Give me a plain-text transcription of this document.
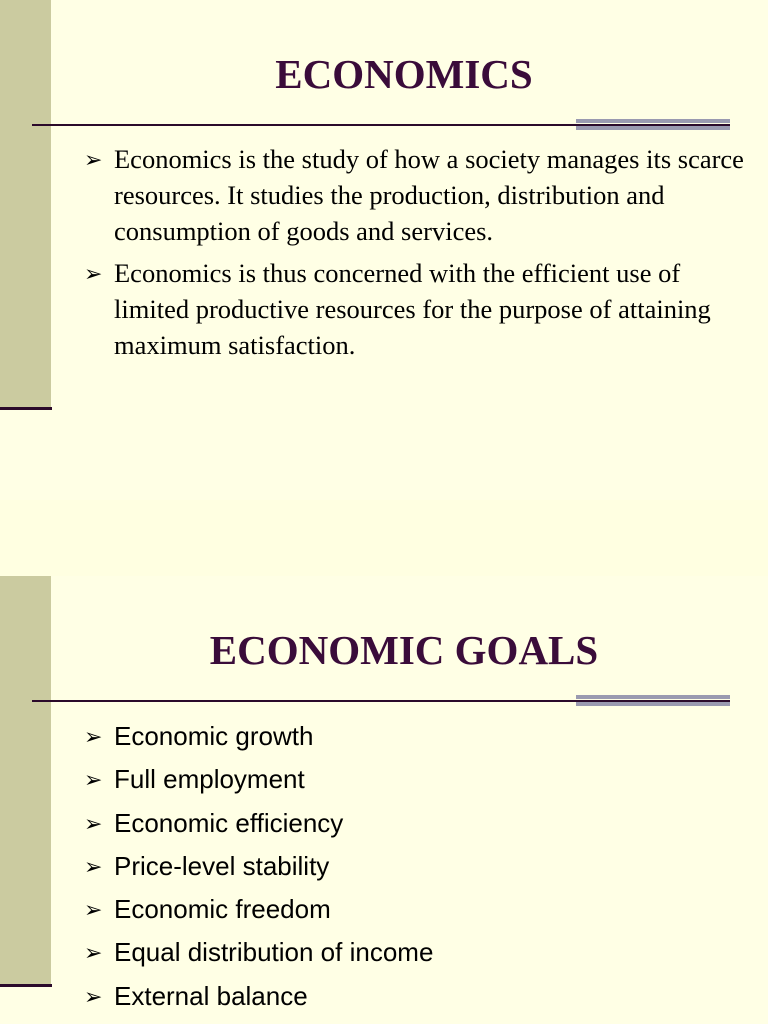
ECONOMICS
➢ Economics is the study of how a society manages its scarce resources. It studies the production, distribution and consumption of goods and services.
➢ Economics is thus concerned with the efficient use of limited productive resources for the purpose of attaining maximum satisfaction.
ECONOMIC GOALS
➢ Economic growth
➢ Full employment
➢ Economic efficiency
➢ Price-level stability
➢ Economic freedom
➢ Equal distribution of income
➢ External balance
